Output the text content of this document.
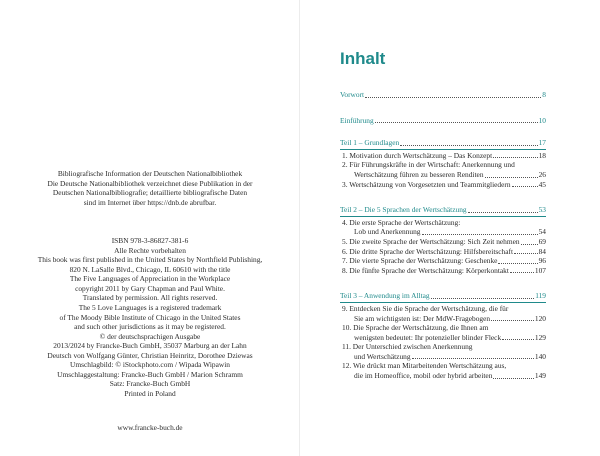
Bibliografische Information der Deutschen Nationalbibliothek
Die Deutsche Nationalbibliothek verzeichnet diese Publikation in der
Deutschen Nationalbibliografie; detaillierte bibliografische Daten
sind im Internet über https://dnb.de abrufbar.
ISBN 978-3-86827-381-6
Alle Rechte vorbehalten
This book was first published in the United States by Northfield Publishing,
820 N. LaSalle Blvd., Chicago, IL 60610 with the title
The Five Languages of Appreciation in the Workplace
copyright 2011 by Gary Chapman and Paul White.
Translated by permission. All rights reserved.
The 5 Love Languages is a registered trademark
of The Moody Bible Institute of Chicago in the United States
and such other jurisdictions as it may be registered.
© der deutschsprachigen Ausgabe
2013/2024 by Francke-Buch GmbH, 35037 Marburg an der Lahn
Deutsch von Wolfgang Günter, Christian Heinritz, Dorothee Dziewas
Umschlagbild: © iStockphoto.com / Wipada Wipawin
Umschlaggestaltung: Francke-Buch GmbH / Marion Schramm
Satz: Francke-Buch GmbH
Printed in Poland
www.francke-buch.de
Inhalt
Vorwort	8
Einführung	10
Teil 1 – Grundlagen	17
1. Motivation durch Wertschätzung – Das Konzept	18
2. Für Führungskräfte in der Wirtschaft: Anerkennung und
Wertschätzung führen zu besseren Renditen	26
3. Wertschätzung von Vorgesetzten und Teammitgliedern	45
Teil 2 – Die 5 Sprachen der Wertschätzung	53
4. Die erste Sprache der Wertschätzung:
Lob und Anerkennung	54
5. Die zweite Sprache der Wertschätzung: Sich Zeit nehmen	69
6. Die dritte Sprache der Wertschätzung: Hilfsbereitschaft	84
7. Die vierte Sprache der Wertschätzung: Geschenke	96
8. Die fünfte Sprache der Wertschätzung: Körperkontakt	107
Teil 3 – Anwendung im Alltag	119
9. Entdecken Sie die Sprache der Wertschätzung, die für
Sie am wichtigsten ist: Der MdW-Fragebogen	120
10. Die Sprache der Wertschätzung, die Ihnen am
wenigsten bedeutet: Ihr potenzieller blinder Fleck	129
11. Der Unterschied zwischen Anerkennung
und Wertschätzung	140
12. Wie drückt man Mitarbeitenden Wertschätzung aus,
die im Homeoffice, mobil oder hybrid arbeiten	149
